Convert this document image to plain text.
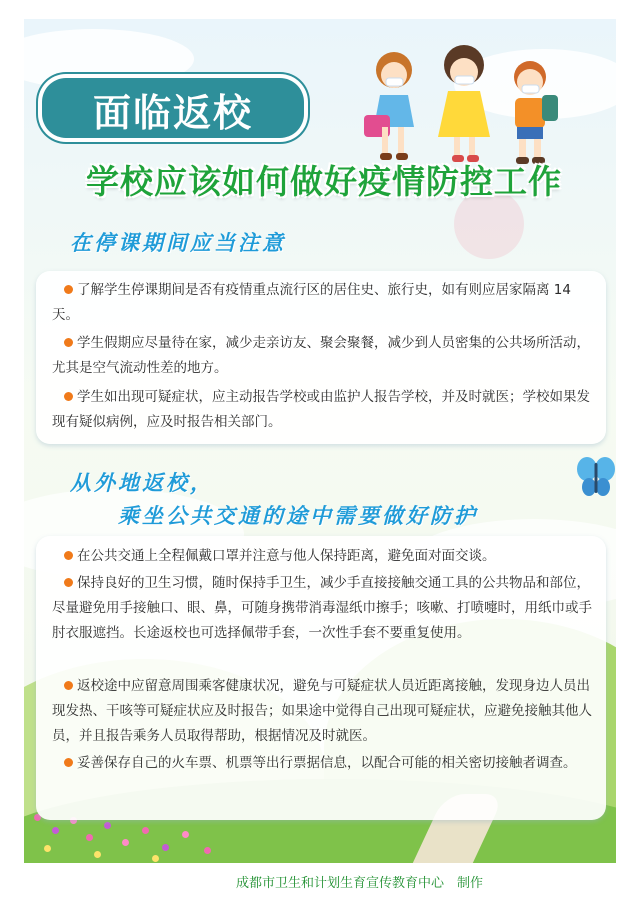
面临返校
学校应该如何做好疫情防控工作
在停课期间应当注意
了解学生停课期间是否有疫情重点流行区的居住史、旅行史，如有则应居家隔离 14 天。
学生假期应尽量待在家，减少走亲访友、聚会聚餐，减少到人员密集的公共场所活动，尤其是空气流动性差的地方。
学生如出现可疑症状，应主动报告学校或由监护人报告学校，并及时就医；学校如果发现有疑似病例，应及时报告相关部门。
从外地返校，
乘坐公共交通的途中需要做好防护
在公共交通上全程佩戴口罩并注意与他人保持距离，避免面对面交谈。
保持良好的卫生习惯，随时保持手卫生，减少手直接接触交通工具的公共物品和部位，尽量避免用手接触口、眼、鼻，可随身携带消毒湿纸巾擦手；咳嗽、打喷嚏时，用纸巾或手肘衣服遮挡。长途返校也可选择佩带手套，一次性手套不要重复使用。
返校途中应留意周围乘客健康状况，避免与可疑症状人员近距离接触，发现身边人员出现发热、干咳等可疑症状应及时报告；如果途中觉得自己出现可疑症状，应避免接触其他人员，并且报告乘务人员取得帮助，根据情况及时就医。
妥善保存自己的火车票、机票等出行票据信息，以配合可能的相关密切接触者调查。
成都市卫生和计划生育宣传教育中心　制作
